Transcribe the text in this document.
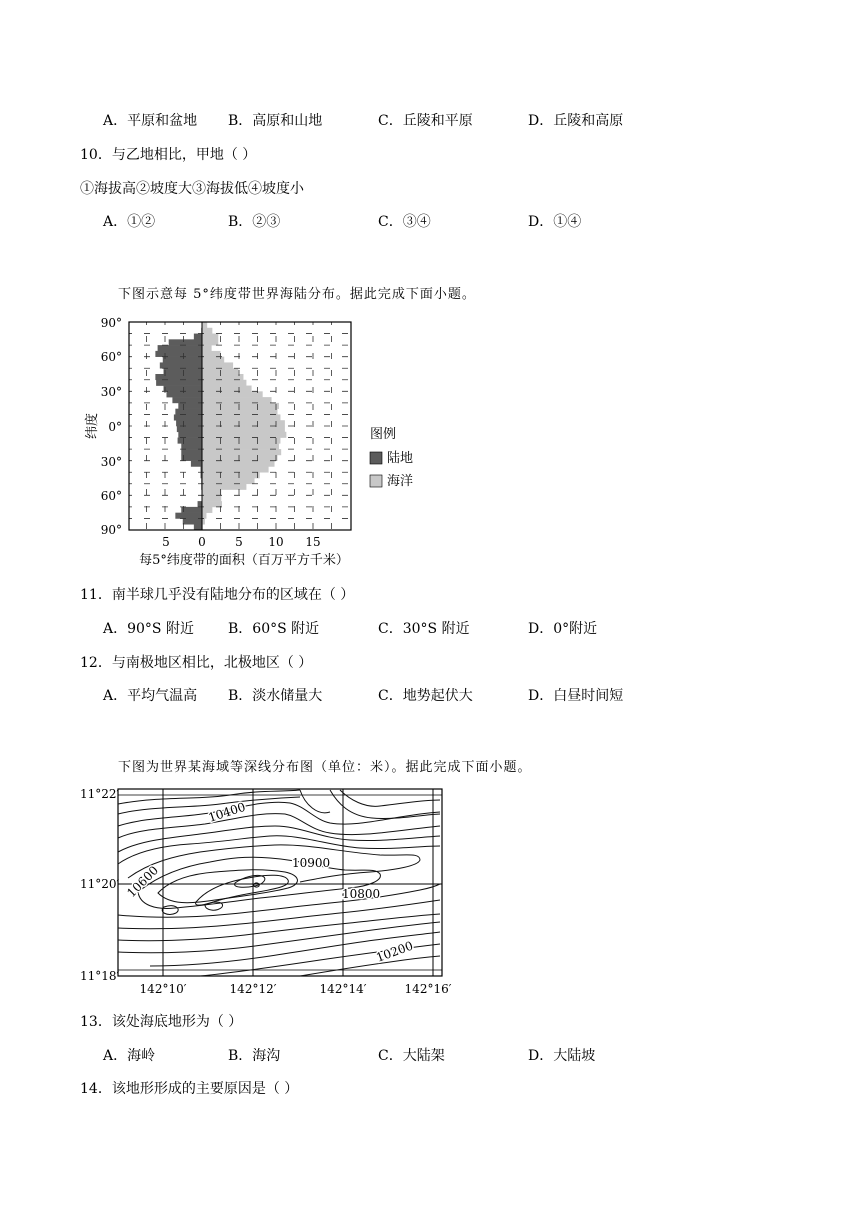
A．平原和盆地 B．高原和山地	C．丘陵和平原	D．丘陵和高原
10．与乙地相比，甲地（ ）
①海拔高②坡度大③海拔低④坡度小
A．①②	B．②③	C．③④	D．①④
下图示意每 5°纬度带世界海陆分布。据此完成下面小题。
90°
60°
30°
0°
30°
60°
90°
5 0 5 10 15
纬度
每5°纬度带的面积（百万平方千米）
图例
陆地
海洋
11．南半球几乎没有陆地分布的区域在（ ）
A．90°S 附近 B．60°S 附近	C．30°S 附近	D．0°附近
12．与南极地区相比，北极地区（ ）
A．平均气温高 B．淡水储量大	C．地势起伏大	D．白昼时间短
下图为世界某海域等深线分布图（单位：米）。据此完成下面小题。
10400
10900
10600	10800
10200
11°22′
11°20′
11°18′
142°10′	142°12′	142°14′	142°16′
13．该处海底地形为（ ）
A．海岭	B．海沟	C．大陆架	D．大陆坡
14．该地形形成的主要原因是（ ）
